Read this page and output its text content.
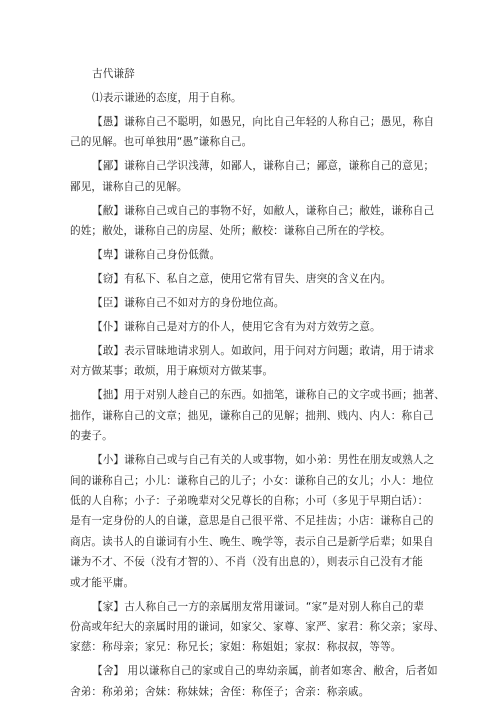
古代谦辞
⑴表示谦逊的态度，用于自称。
【愚】谦称自己不聪明，如愚兄，向比自己年轻的人称自己；愚见，称自
己的见解。也可单独用“愚”谦称自己。
【鄙】谦称自己学识浅薄，如鄙人，谦称自己；鄙意，谦称自己的意见；
鄙见，谦称自己的见解。
【敝】谦称自己或自己的事物不好，如敝人，谦称自己；敝姓，谦称自己
的姓；敝处，谦称自己的房屋、处所；敝校：谦称自己所在的学校。
【卑】谦称自己身份低微。
【窃】有私下、私自之意，使用它常有冒失、唐突的含义在内。
【臣】谦称自己不如对方的身份地位高。
【仆】谦称自己是对方的仆人，使用它含有为对方效劳之意。
【敢】表示冒昧地请求别人。如敢问，用于问对方问题；敢请，用于请求
对方做某事；敢烦，用于麻烦对方做某事。
【拙】用于对别人趁自己的东西。如拙笔，谦称自己的文字或书画；拙著、
拙作，谦称自己的文章；拙见，谦称自己的见解；拙荆、贱内、内人：称自己
的妻子。
【小】谦称自己或与自己有关的人或事物，如小弟：男性在朋友或熟人之
间的谦称自己；小儿：谦称自己的儿子；小女：谦称自己的女儿；小人：地位
低的人自称；小子：子弟晚辈对父兄尊长的自称；小可（多见于早期白话）：
是有一定身份的人的自谦，意思是自己很平常、不足挂齿；小店：谦称自己的
商店。读书人的自谦词有小生、晚生、晚学等，表示自己是新学后辈；如果自
谦为不才、不佞（没有才智的）、不肖（没有出息的），则表示自己没有才能
或才能平庸。
【家】古人称自己一方的亲属朋友常用谦词。“家”是对别人称自己的辈
份高或年纪大的亲属时用的谦词，如家父、家尊、家严、家君：称父亲；家母、
家慈：称母亲；家兄：称兄长；家姐：称姐姐；家叔：称叔叔，等等。
【舍】 用以谦称自己的家或自己的卑幼亲属，前者如寒舍、敝舍，后者如
舍弟：称弟弟；舍妹：称妹妹；舍侄：称侄子；舍亲：称亲戚。
